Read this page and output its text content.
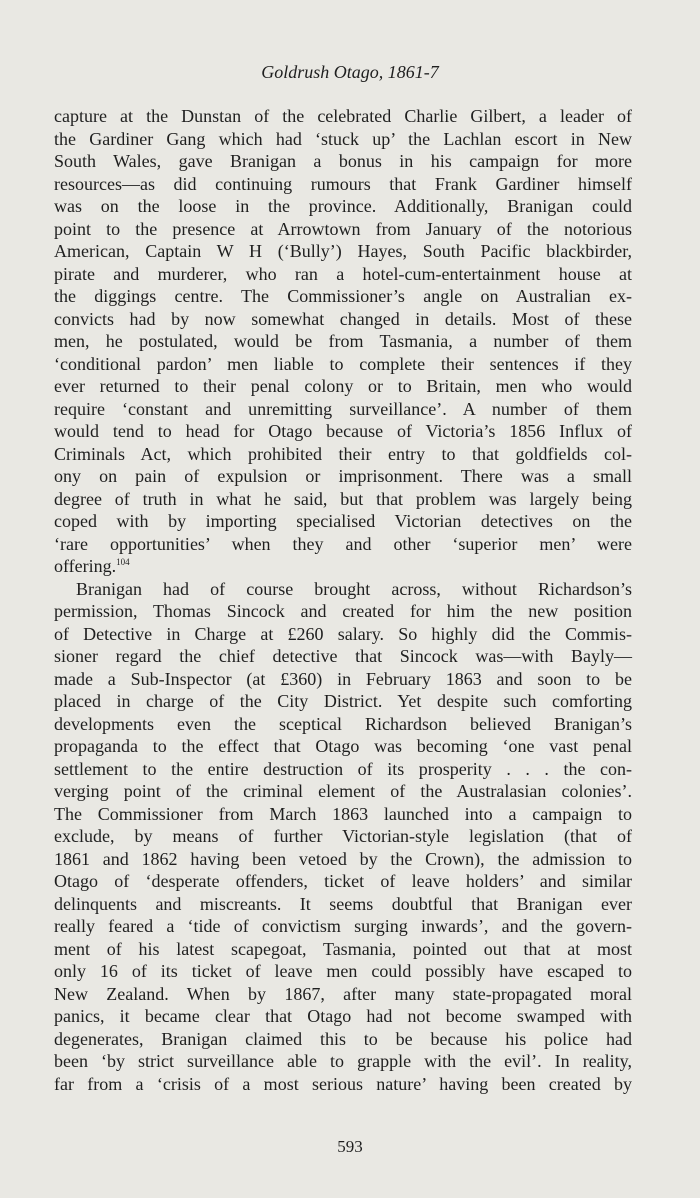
Goldrush Otago, 1861-7
capture at the Dunstan of the celebrated Charlie Gilbert, a leader of
the Gardiner Gang which had ‘stuck up’ the Lachlan escort in New
South Wales, gave Branigan a bonus in his campaign for more
resources—as did continuing rumours that Frank Gardiner himself
was on the loose in the province. Additionally, Branigan could
point to the presence at Arrowtown from January of the notorious
American, Captain W H (‘Bully’) Hayes, South Pacific blackbirder,
pirate and murderer, who ran a hotel-cum-entertainment house at
the diggings centre. The Commissioner’s angle on Australian ex-
convicts had by now somewhat changed in details. Most of these
men, he postulated, would be from Tasmania, a number of them
‘conditional pardon’ men liable to complete their sentences if they
ever returned to their penal colony or to Britain, men who would
require ‘constant and unremitting surveillance’. A number of them
would tend to head for Otago because of Victoria’s 1856 Influx of
Criminals Act, which prohibited their entry to that goldfields col-
ony on pain of expulsion or imprisonment. There was a small
degree of truth in what he said, but that problem was largely being
coped with by importing specialised Victorian detectives on the
‘rare opportunities’ when they and other ‘superior men’ were
offering.$^{104}$
Branigan had of course brought across, without Richardson’s
permission, Thomas Sincock and created for him the new position
of Detective in Charge at £260 salary. So highly did the Commis-
sioner regard the chief detective that Sincock was—with Bayly—
made a Sub-Inspector (at £360) in February 1863 and soon to be
placed in charge of the City District. Yet despite such comforting
developments even the sceptical Richardson believed Branigan’s
propaganda to the effect that Otago was becoming ‘one vast penal
settlement to the entire destruction of its prosperity . . . the con-
verging point of the criminal element of the Australasian colonies’.
The Commissioner from March 1863 launched into a campaign to
exclude, by means of further Victorian-style legislation (that of
1861 and 1862 having been vetoed by the Crown), the admission to
Otago of ‘desperate offenders, ticket of leave holders’ and similar
delinquents and miscreants. It seems doubtful that Branigan ever
really feared a ‘tide of convictism surging inwards’, and the govern-
ment of his latest scapegoat, Tasmania, pointed out that at most
only 16 of its ticket of leave men could possibly have escaped to
New Zealand. When by 1867, after many state-propagated moral
panics, it became clear that Otago had not become swamped with
degenerates, Branigan claimed this to be because his police had
been ‘by strict surveillance able to grapple with the evil’. In reality,
far from a ‘crisis of a most serious nature’ having been created by
593
